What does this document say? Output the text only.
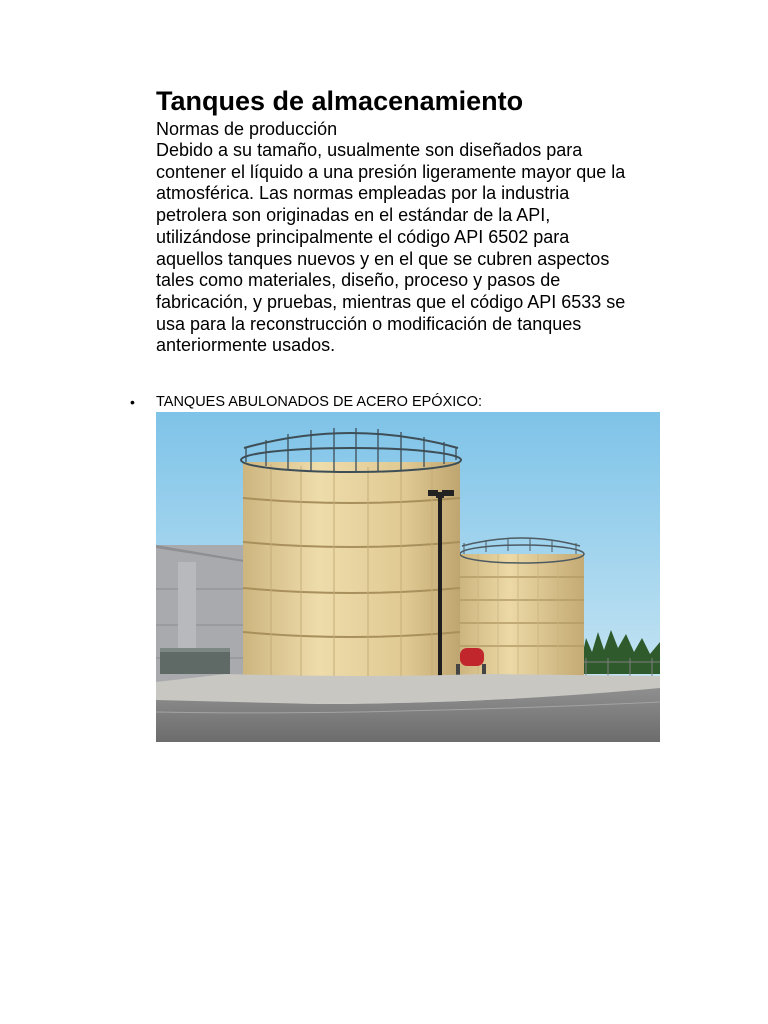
Tanques de almacenamiento

Normas de producción

Debido a su tamaño, usualmente son diseñados para
contener el líquido a una presión ligeramente mayor que la
atmosférica. Las normas empleadas por la industria
petrolera son originadas en el estándar de la API,
utilizándose principalmente el código API 6502 para
aquellos tanques nuevos y en el que se cubren aspectos
tales como materiales, diseño, proceso y pasos de
fabricación, y pruebas, mientras que el código API 6533 se
usa para la reconstrucción o modificación de tanques
anteriormente usados.
•	TANQUES ABULONADOS DE ACERO EPÓXICO:
